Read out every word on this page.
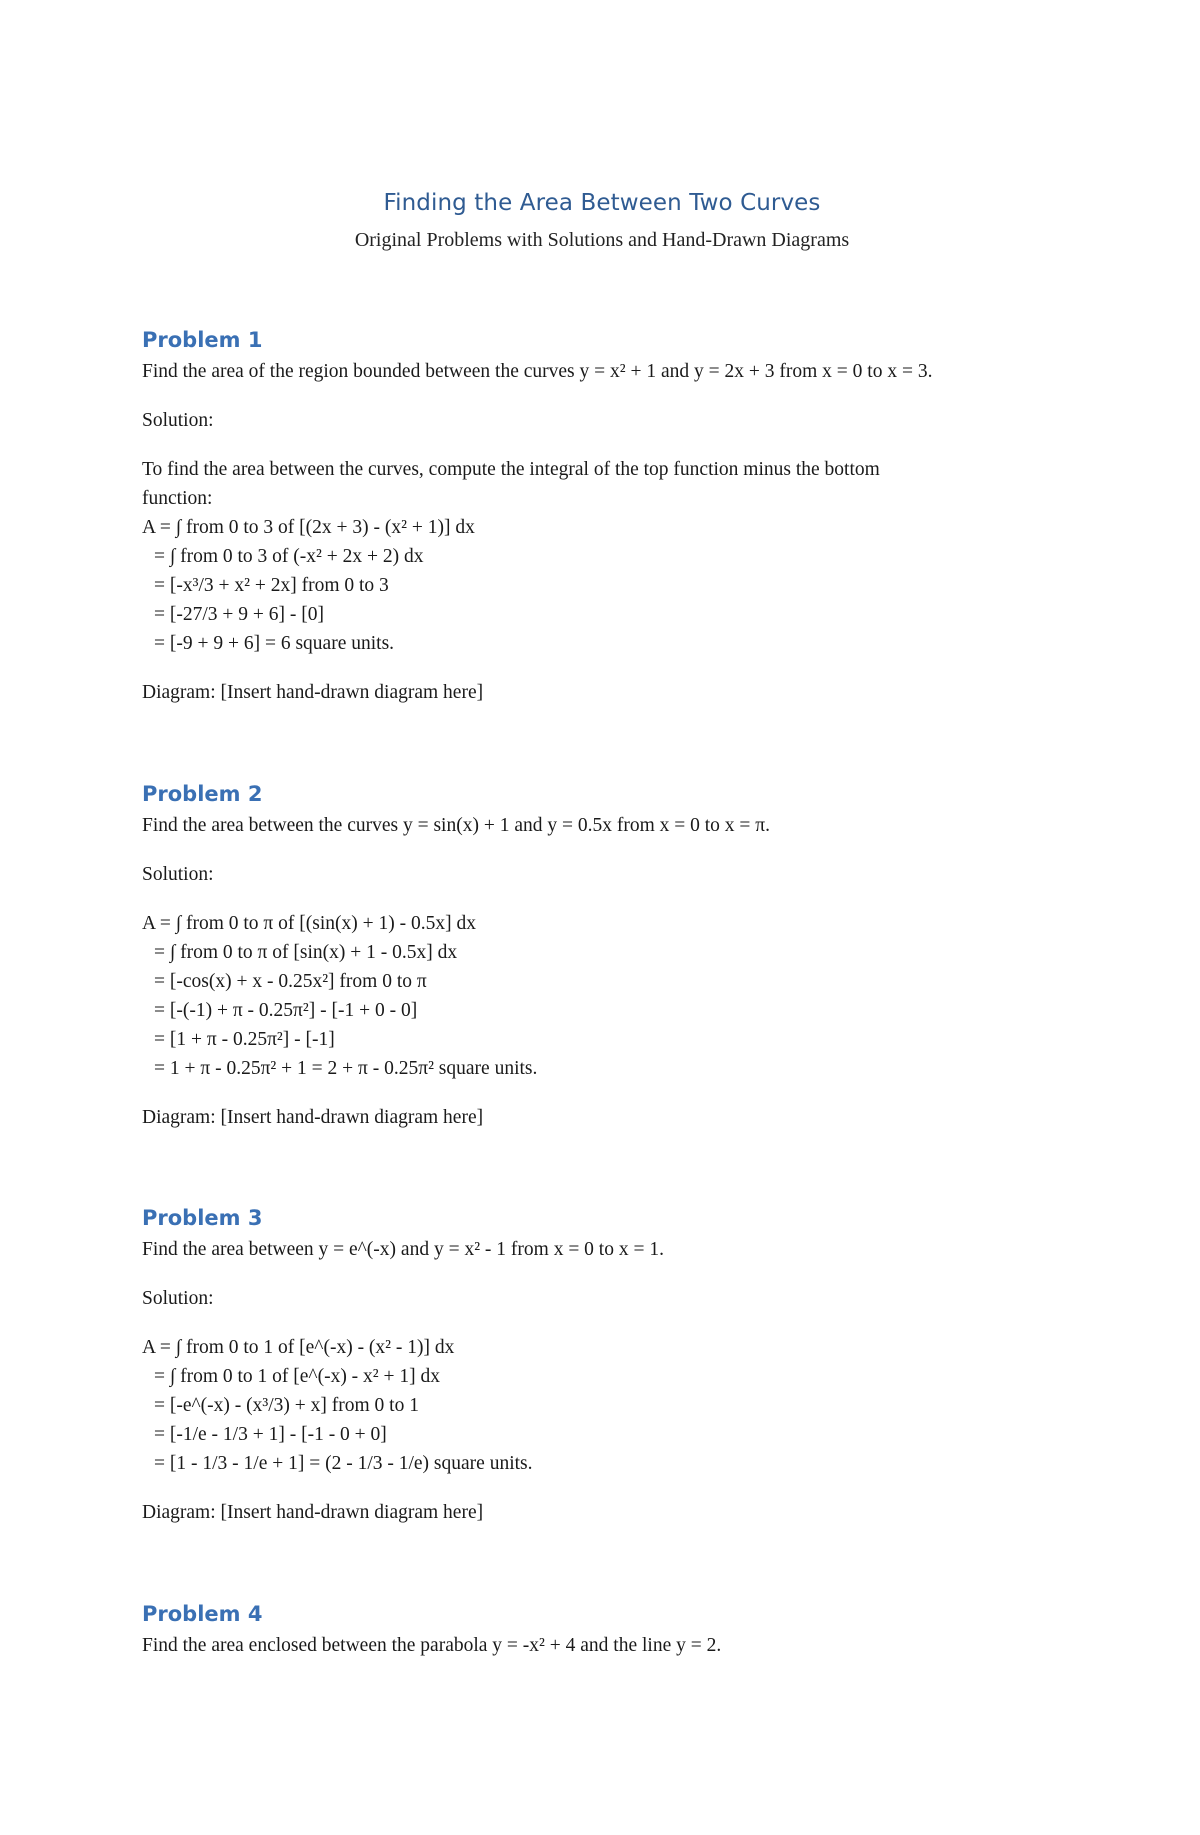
Finding the Area Between Two Curves
Original Problems with Solutions and Hand-Drawn Diagrams
Problem 1
Find the area of the region bounded between the curves y = x² + 1 and y = 2x + 3 from x = 0 to x = 3.
Solution:
To find the area between the curves, compute the integral of the top function minus the bottom
function:
A = ∫ from 0 to 3 of [(2x + 3) - (x² + 1)] dx
= ∫ from 0 to 3 of (-x² + 2x + 2) dx
= [-x³/3 + x² + 2x] from 0 to 3
= [-27/3 + 9 + 6] - [0]
= [-9 + 9 + 6] = 6 square units.
Diagram: [Insert hand-drawn diagram here]
Problem 2
Find the area between the curves y = sin(x) + 1 and y = 0.5x from x = 0 to x = π.
Solution:
A = ∫ from 0 to π of [(sin(x) + 1) - 0.5x] dx
= ∫ from 0 to π of [sin(x) + 1 - 0.5x] dx
= [-cos(x) + x - 0.25x²] from 0 to π
= [-(-1) + π - 0.25π²] - [-1 + 0 - 0]
= [1 + π - 0.25π²] - [-1]
= 1 + π - 0.25π² + 1 = 2 + π - 0.25π² square units.
Diagram: [Insert hand-drawn diagram here]
Problem 3
Find the area between y = e^(-x) and y = x² - 1 from x = 0 to x = 1.
Solution:
A = ∫ from 0 to 1 of [e^(-x) - (x² - 1)] dx
= ∫ from 0 to 1 of [e^(-x) - x² + 1] dx
= [-e^(-x) - (x³/3) + x] from 0 to 1
= [-1/e - 1/3 + 1] - [-1 - 0 + 0]
= [1 - 1/3 - 1/e + 1] = (2 - 1/3 - 1/e) square units.
Diagram: [Insert hand-drawn diagram here]
Problem 4
Find the area enclosed between the parabola y = -x² + 4 and the line y = 2.
